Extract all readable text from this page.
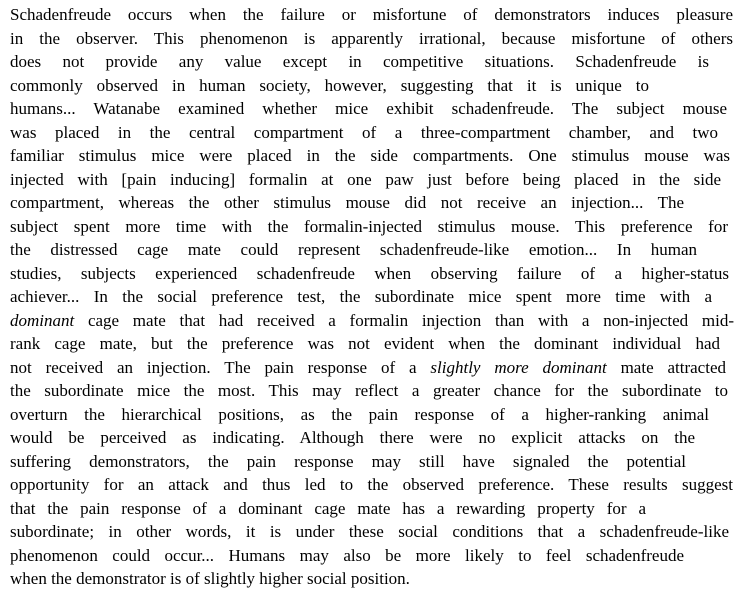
Schadenfreude occurs when the failure or misfortune of demonstrators induces pleasure
in the observer. This phenomenon is apparently irrational, because misfortune of others
does not provide any value except in competitive situations. Schadenfreude is
commonly observed in human society, however, suggesting that it is unique to
humans... Watanabe examined whether mice exhibit schadenfreude. The subject mouse
was placed in the central compartment of a three-compartment chamber, and two
familiar stimulus mice were placed in the side compartments. One stimulus mouse was
injected with [pain inducing] formalin at one paw just before being placed in the side
compartment, whereas the other stimulus mouse did not receive an injection... The
subject spent more time with the formalin-injected stimulus mouse. This preference for
the distressed cage mate could represent schadenfreude-like emotion... In human
studies, subjects experienced schadenfreude when observing failure of a higher-status
achiever... In the social preference test, the subordinate mice spent more time with a
dominant cage mate that had received a formalin injection than with a non-injected mid-
rank cage mate, but the preference was not evident when the dominant individual had
not received an injection. The pain response of a slightly more dominant mate attracted
the subordinate mice the most. This may reflect a greater chance for the subordinate to
overturn the hierarchical positions, as the pain response of a higher-ranking animal
would be perceived as indicating. Although there were no explicit attacks on the
suffering demonstrators, the pain response may still have signaled the potential
opportunity for an attack and thus led to the observed preference. These results suggest
that the pain response of a dominant cage mate has a rewarding property for a
subordinate; in other words, it is under these social conditions that a schadenfreude-like
phenomenon could occur... Humans may also be more likely to feel schadenfreude
when the demonstrator is of slightly higher social position.
